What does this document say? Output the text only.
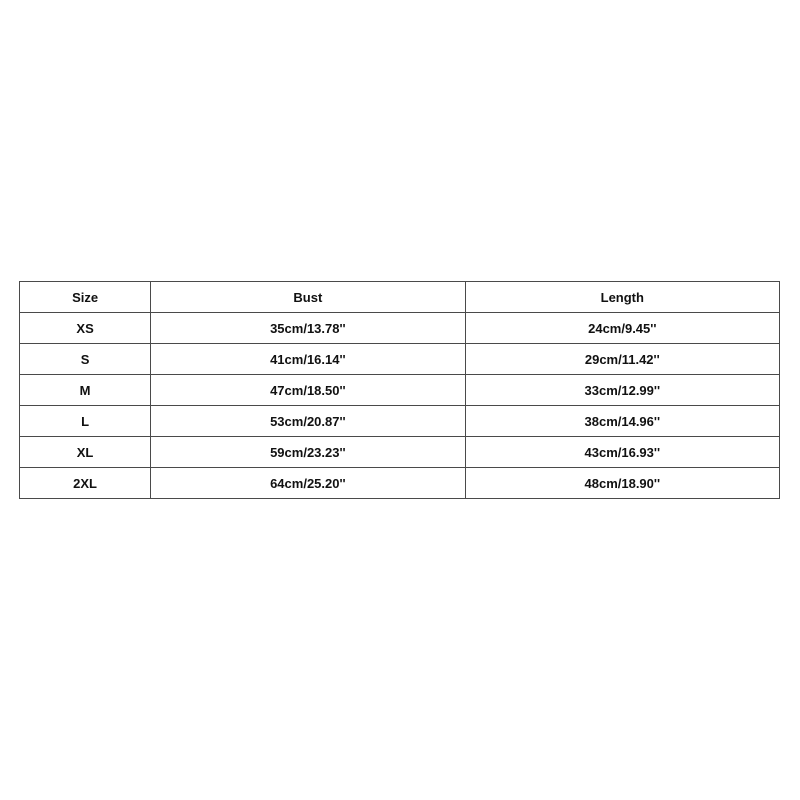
Size	Bust	Length
XS	35cm/13.78''	24cm/9.45''
S	41cm/16.14''	29cm/11.42''
M	47cm/18.50''	33cm/12.99''
L	53cm/20.87''	38cm/14.96''
XL	59cm/23.23''	43cm/16.93''
2XL	64cm/25.20''	48cm/18.90''
